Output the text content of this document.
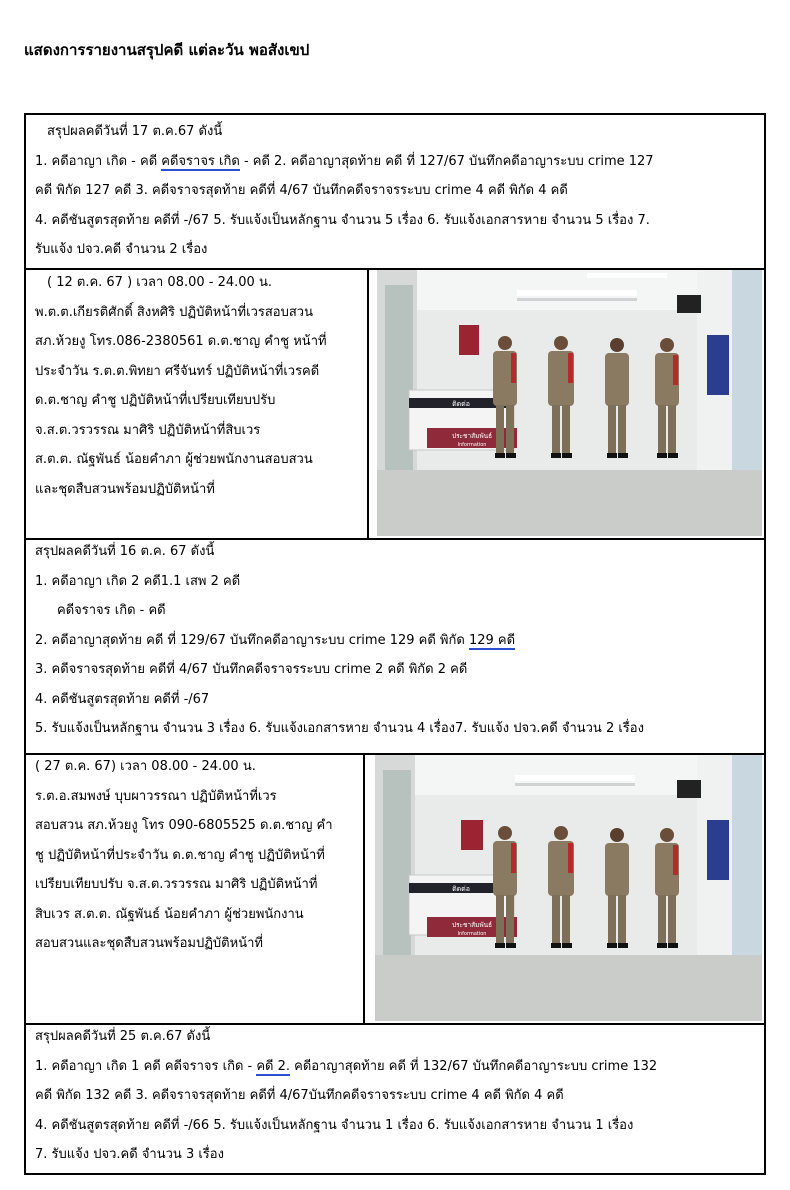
แสดงการรายงานสรุปคดี แต่ละวัน พอสังเขป
สรุปผลคดีวันที่ 17 ต.ค.67 ดังนี้
1. คดีอาญา เกิด - คดี คดีจราจร เกิด - คดี 2. คดีอาญาสุดท้าย คดี ที่ 127/67 บันทึกคดีอาญาระบบ crime 127
คดี พิกัด 127 คดี 3. คดีจราจรสุดท้าย คดีที่ 4/67 บันทึกคดีจราจรระบบ crime 4 คดี พิกัด 4 คดี
4. คดีชันสูตรสุดท้าย คดีที่ -/67 5. รับแจ้งเป็นหลักฐาน จำนวน 5 เรื่อง 6. รับแจ้งเอกสารหาย จำนวน 5 เรื่อง 7.
รับแจ้ง ปจว.คดี จำนวน 2 เรื่อง
( 12 ต.ค. 67 ) เวลา 08.00 - 24.00 น.
พ.ต.ต.เกียรติศักดิ์ สิงหศิริ ปฏิบัติหน้าที่เวรสอบสวน
สภ.ห้วยงู โทร.086-2380561 ด.ต.ชาญ คำชู หน้าที่
ประจำวัน ร.ต.ต.พิทยา ศรีจันทร์ ปฏิบัติหน้าที่เวรคดี
ด.ต.ชาญ คำชู ปฏิบัติหน้าที่เปรียบเทียบปรับ
จ.ส.ต.วรวรรณ มาศิริ ปฏิบัติหน้าที่สิบเวร
ส.ต.ต. ณัฐพันธ์ น้อยคำภา ผู้ช่วยพนักงานสอบสวน
และชุดสืบสวนพร้อมปฏิบัติหน้าที่
ติดต่อ
ประชาสัมพันธ์
Information
สรุปผลคดีวันที่ 16 ต.ค. 67 ดังนี้
1. คดีอาญา เกิด 2 คดี1.1 เสพ 2 คดี
คดีจราจร เกิด - คดี
2. คดีอาญาสุดท้าย คดี ที่ 129/67 บันทึกคดีอาญาระบบ crime 129 คดี พิกัด 129 คดี
3. คดีจราจรสุดท้าย คดีที่ 4/67 บันทึกคดีจราจรระบบ crime 2 คดี พิกัด 2 คดี
4. คดีชันสูตรสุดท้าย คดีที่ -/67
5. รับแจ้งเป็นหลักฐาน จำนวน 3 เรื่อง 6. รับแจ้งเอกสารหาย จำนวน 4 เรื่อง7. รับแจ้ง ปจว.คดี จำนวน 2 เรื่อง
( 27 ต.ค. 67) เวลา 08.00 - 24.00 น.
ร.ต.อ.สมพงษ์ บุบผาวรรณา ปฏิบัติหน้าที่เวร
สอบสวน สภ.ห้วยงู โทร 090-6805525 ด.ต.ชาญ คำ
ชู ปฏิบัติหน้าที่ประจำวัน ด.ต.ชาญ คำชู ปฏิบัติหน้าที่
เปรียบเทียบปรับ จ.ส.ต.วรวรรณ มาศิริ ปฏิบัติหน้าที่
สิบเวร ส.ต.ต. ณัฐพันธ์ น้อยคำภา ผู้ช่วยพนักงาน
สอบสวนและชุดสืบสวนพร้อมปฏิบัติหน้าที่
ติดต่อ
ประชาสัมพันธ์
Information
สรุปผลคดีวันที่ 25 ต.ค.67 ดังนี้
1. คดีอาญา เกิด 1 คดี คดีจราจร เกิด - คดี 2. คดีอาญาสุดท้าย คดี ที่ 132/67 บันทึกคดีอาญาระบบ crime 132
คดี พิกัด 132 คดี 3. คดีจราจรสุดท้าย คดีที่ 4/67บันทึกคดีจราจรระบบ crime 4 คดี พิกัด 4 คดี
4. คดีชันสูตรสุดท้าย คดีที่ -/66 5. รับแจ้งเป็นหลักฐาน จำนวน 1 เรื่อง 6. รับแจ้งเอกสารหาย จำนวน 1 เรื่อง
7. รับแจ้ง ปจว.คดี จำนวน 3 เรื่อง
